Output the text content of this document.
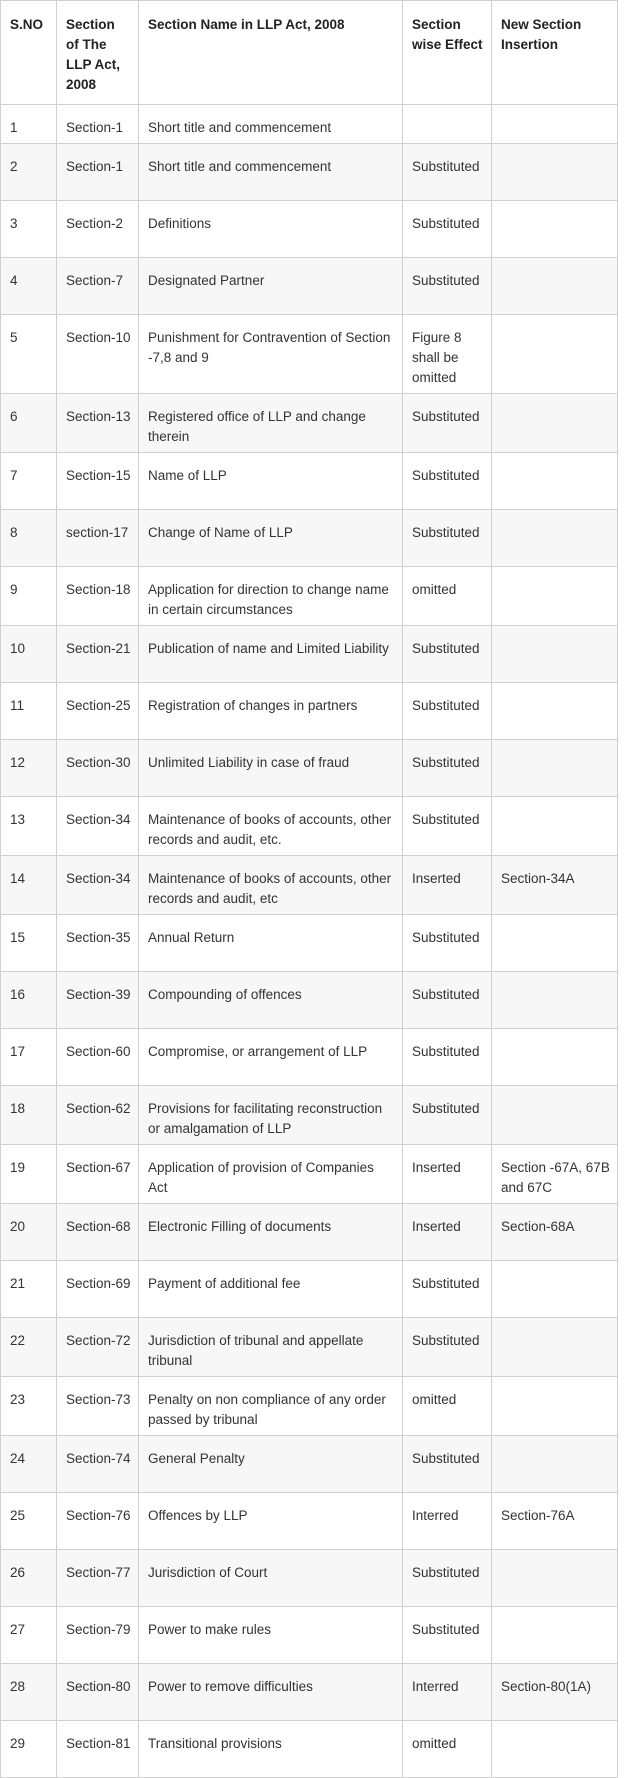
S.NO	Section of The LLP Act, 2008	Section Name in LLP Act, 2008	Section wise Effect	New Section Insertion
1	Section-1	Short title and commencement		
2	Section-1	Short title and commencement	Substituted	
3	Section-2	Definitions	Substituted	
4	Section-7	Designated Partner	Substituted	
5	Section-10	Punishment for Contravention of Section -7,8 and 9	Figure 8 shall be omitted	
6	Section-13	Registered office of LLP and change therein	Substituted	
7	Section-15	Name of LLP	Substituted	
8	section-17	Change of Name of LLP	Substituted	
9	Section-18	Application for direction to change name in certain circumstances	omitted	
10	Section-21	Publication of name and Limited Liability	Substituted	
11	Section-25	Registration of changes in partners	Substituted	
12	Section-30	Unlimited Liability in case of fraud	Substituted	
13	Section-34	Maintenance of books of accounts, other records and audit, etc.	Substituted	
14	Section-34	Maintenance of books of accounts, other records and audit, etc	Inserted	Section-34A
15	Section-35	Annual Return	Substituted	
16	Section-39	Compounding of offences	Substituted	
17	Section-60	Compromise, or arrangement of LLP	Substituted	
18	Section-62	Provisions for facilitating reconstruction or amalgamation of LLP	Substituted	
19	Section-67	Application of provision of Companies Act	Inserted	Section -67A, 67B and 67C
20	Section-68	Electronic Filling of documents	Inserted	Section-68A
21	Section-69	Payment of additional fee	Substituted	
22	Section-72	Jurisdiction of tribunal and appellate tribunal	Substituted	
23	Section-73	Penalty on non compliance of any order passed by tribunal	omitted	
24	Section-74	General Penalty	Substituted	
25	Section-76	Offences by LLP	Interred	Section-76A
26	Section-77	Jurisdiction of Court	Substituted	
27	Section-79	Power to make rules	Substituted	
28	Section-80	Power to remove difficulties	Interred	Section-80(1A)
29	Section-81	Transitional provisions	omitted	
